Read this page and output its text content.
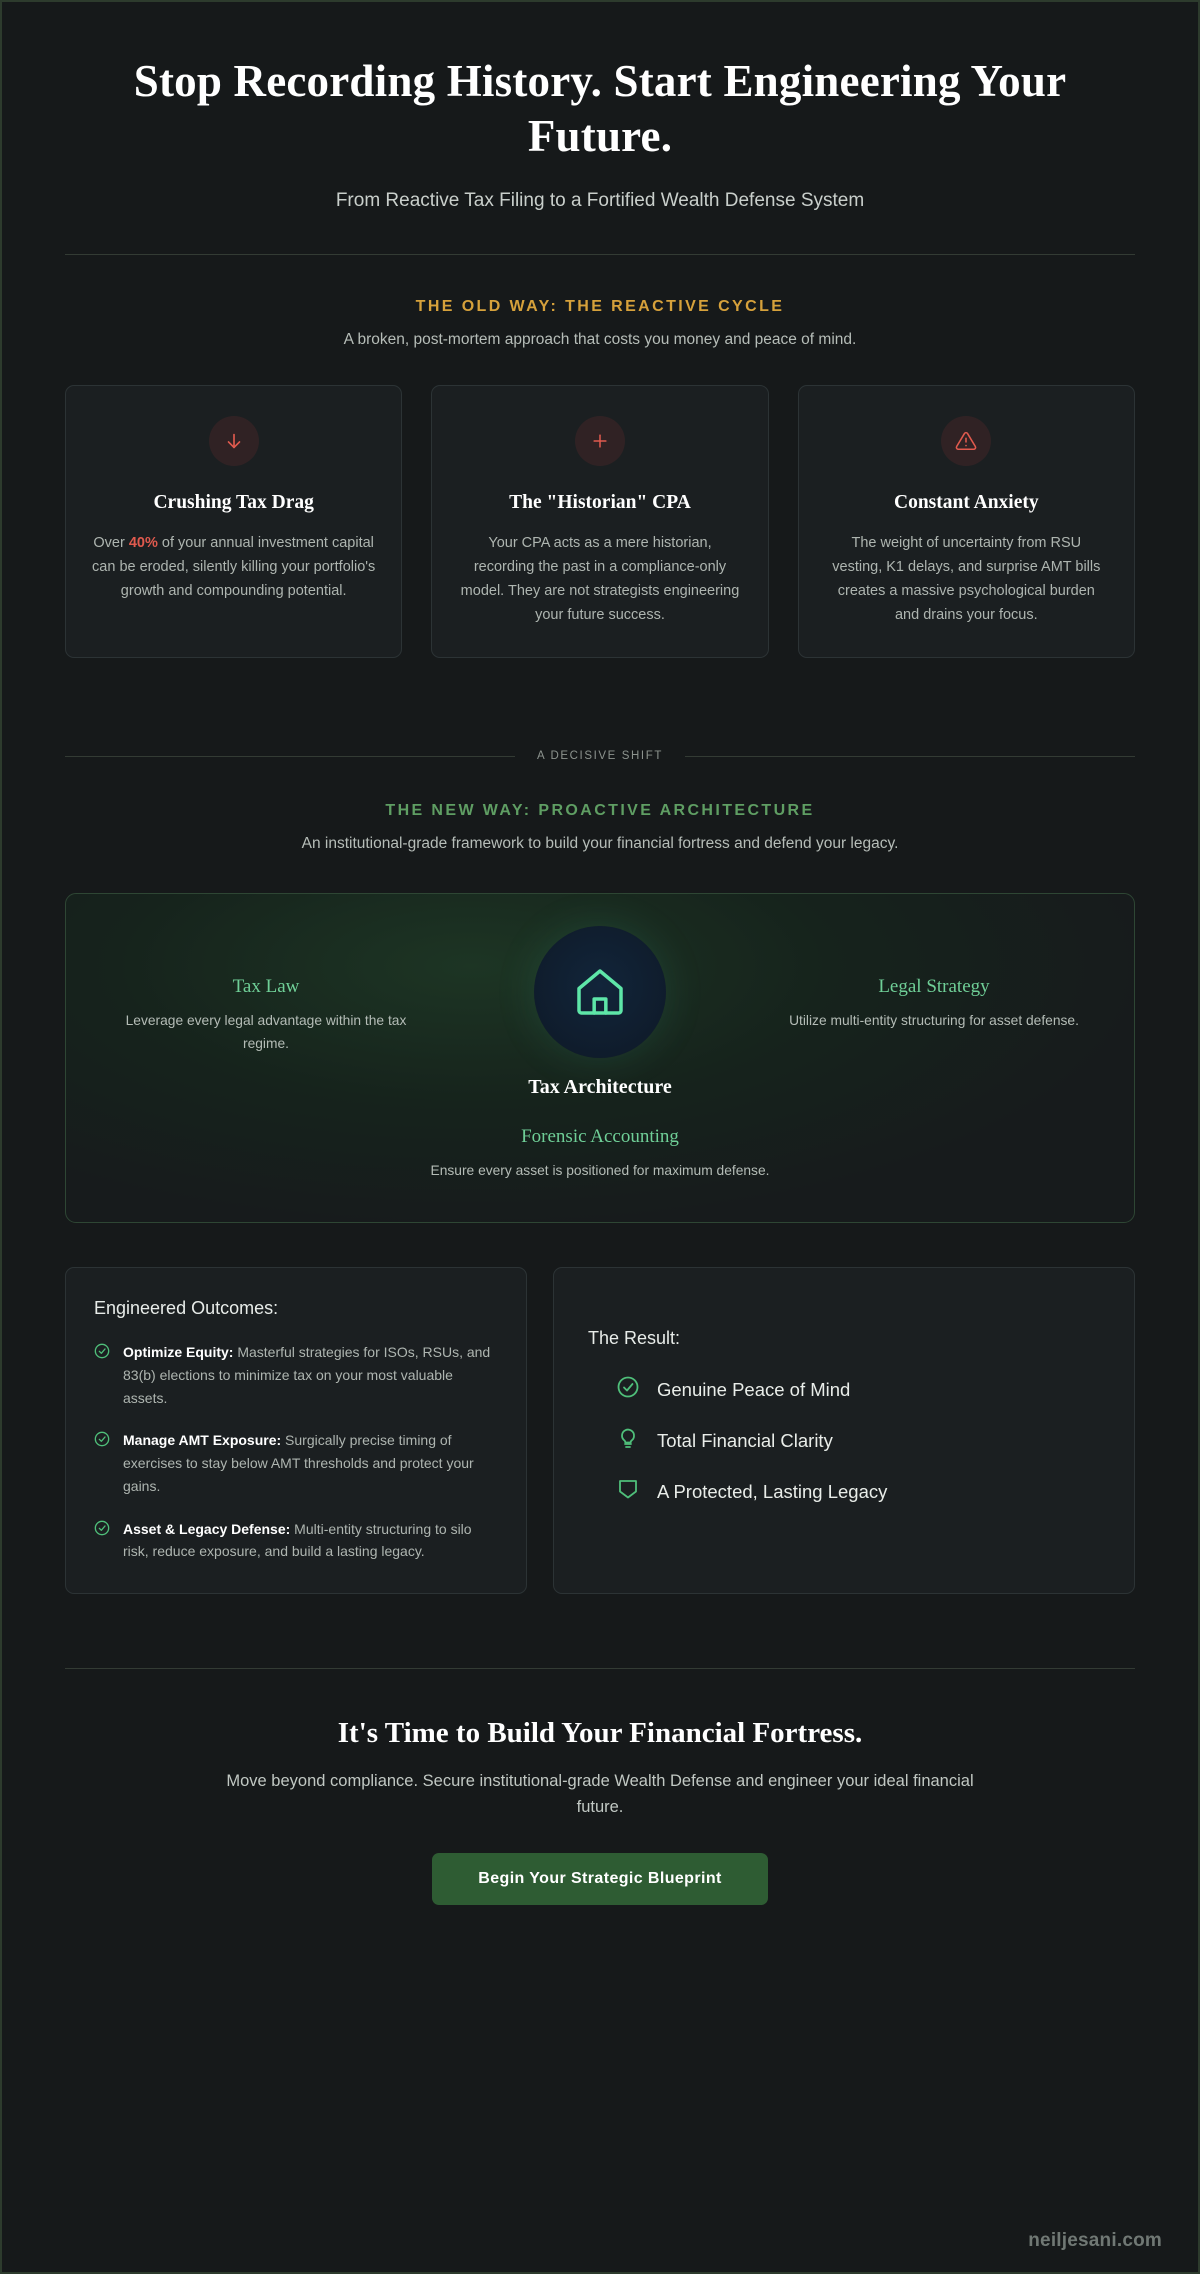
Stop Recording History. Start Engineering Your Future.

From Reactive Tax Filing to a Fortified Wealth Defense System

THE OLD WAY: THE REACTIVE CYCLE
A broken, post-mortem approach that costs you money and peace of mind.
Crushing Tax Drag

Over 40% of your annual investment capital can be eroded, silently killing your portfolio's growth and compounding potential.

The "Historian" CPA

Your CPA acts as a mere historian, recording the past in a compliance-only model. They are not strategists engineering your future success.

Constant Anxiety

The weight of uncertainty from RSU vesting, K1 delays, and surprise AMT bills creates a massive psychological burden and drains your focus.

A DECISIVE SHIFT
THE NEW WAY: PROACTIVE ARCHITECTURE
An institutional-grade framework to build your financial fortress and defend your legacy.
Tax Architecture
Tax Law

Leverage every legal advantage within the tax regime.

Legal Strategy

Utilize multi-entity structuring for asset defense.

Forensic Accounting

Ensure every asset is positioned for maximum defense.

Engineered Outcomes:
Optimize Equity: Masterful strategies for ISOs, RSUs, and 83(b) elections to minimize tax on your most valuable assets.
Manage AMT Exposure: Surgically precise timing of exercises to stay below AMT thresholds and protect your gains.
Asset & Legacy Defense: Multi-entity structuring to silo risk, reduce exposure, and build a lasting legacy.
The Result:
Genuine Peace of Mind
Total Financial Clarity
A Protected, Lasting Legacy
It's Time to Build Your Financial Fortress.

Move beyond compliance. Secure institutional-grade Wealth Defense and engineer your ideal financial future.

Begin Your Strategic Blueprint
neiljesani.com
